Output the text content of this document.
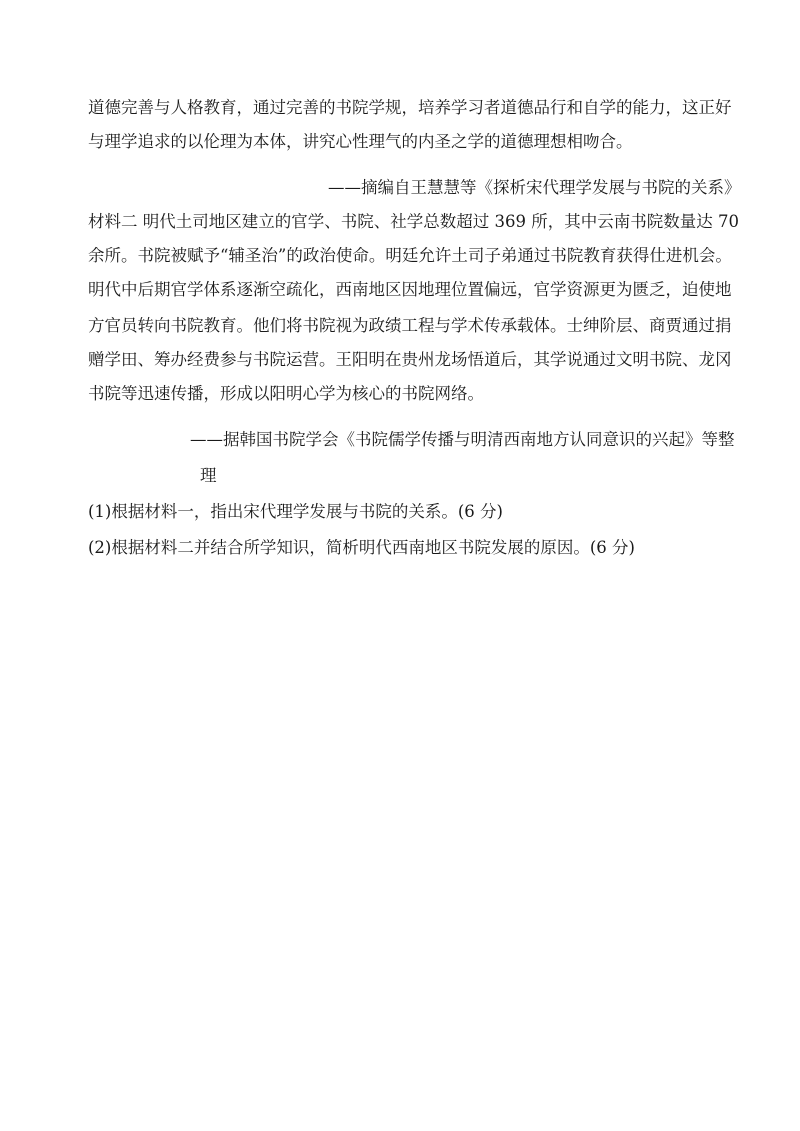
道德完善与人格教育，通过完善的书院学规，培养学习者道德品行和自学的能力，这正好
与理学追求的以伦理为本体，讲究心性理气的内圣之学的道德理想相吻合。
——摘编自王慧慧等《探析宋代理学发展与书院的关系》
材料二 明代土司地区建立的官学、书院、社学总数超过 369 所，其中云南书院数量达 70
余所。书院被赋予“辅圣治”的政治使命。明廷允许土司子弟通过书院教育获得仕进机会。
明代中后期官学体系逐渐空疏化，西南地区因地理位置偏远，官学资源更为匮乏，迫使地
方官员转向书院教育。他们将书院视为政绩工程与学术传承载体。士绅阶层、商贾通过捐
赠学田、筹办经费参与书院运营。王阳明在贵州龙场悟道后，其学说通过文明书院、龙冈
书院等迅速传播，形成以阳明心学为核心的书院网络。
——据韩国书院学会《书院儒学传播与明清西南地方认同意识的兴起》等整
理
(1)根据材料一，指出宋代理学发展与书院的关系。(6 分)
(2)根据材料二并结合所学知识，简析明代西南地区书院发展的原因。(6 分)
